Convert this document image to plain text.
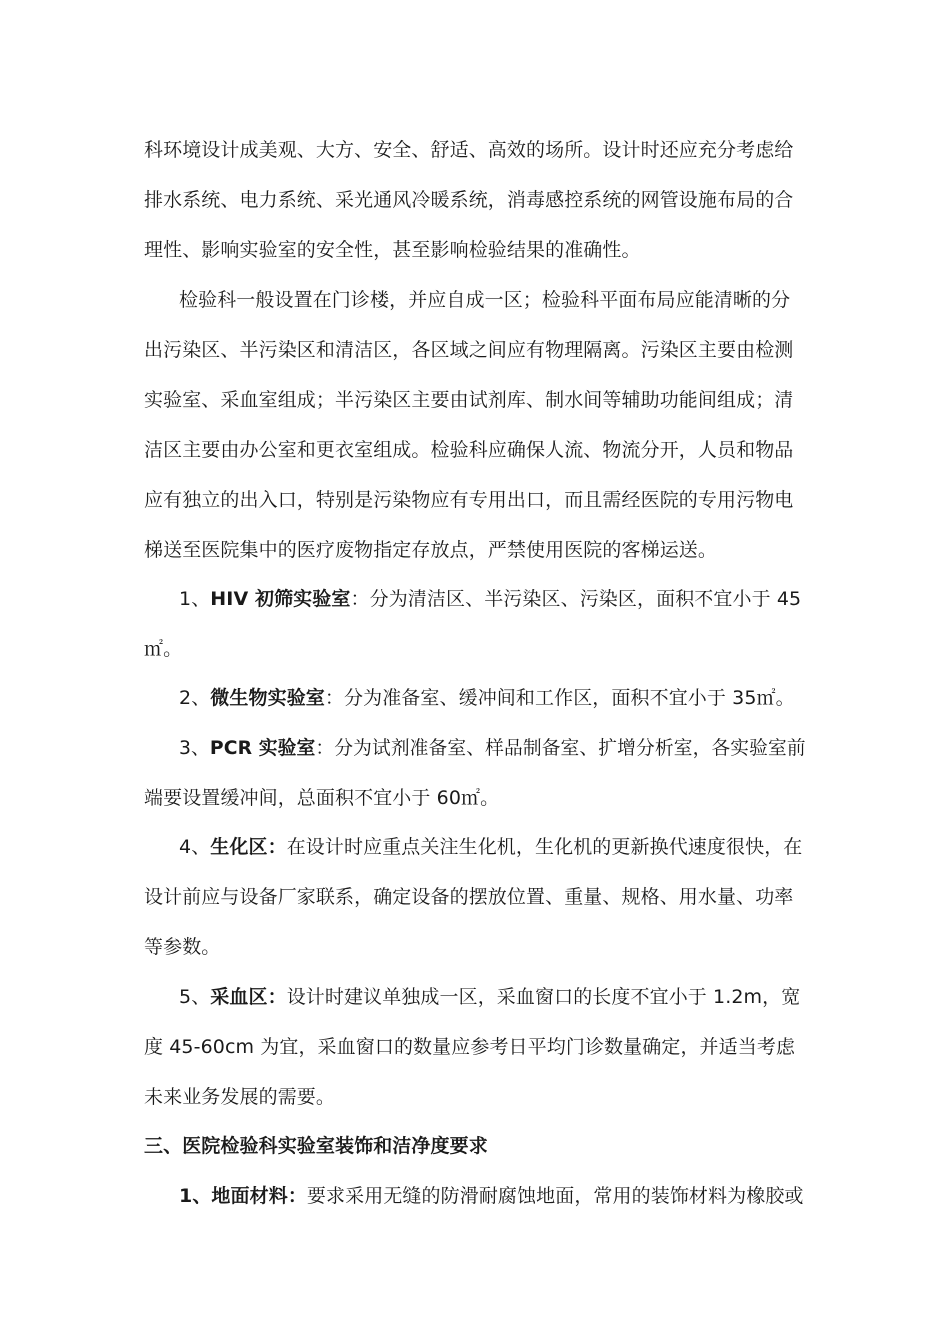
科环境设计成美观、大方、安全、舒适、高效的场所。设计时还应充分考虑给
排水系统、电力系统、采光通风冷暖系统，消毒感控系统的网管设施布局的合
理性、影响实验室的安全性，甚至影响检验结果的准确性。
检验科一般设置在门诊楼，并应自成一区；检验科平面布局应能清晰的分
出污染区、半污染区和清洁区，各区域之间应有物理隔离。污染区主要由检测
实验室、采血室组成；半污染区主要由试剂库、制水间等辅助功能间组成；清
洁区主要由办公室和更衣室组成。检验科应确保人流、物流分开，人员和物品
应有独立的出入口，特别是污染物应有专用出口，而且需经医院的专用污物电
梯送至医院集中的医疗废物指定存放点，严禁使用医院的客梯运送。
1、HIV 初筛实验室：分为清洁区、半污染区、污染区，面积不宜小于 45
㎡。
2、微生物实验室：分为准备室、缓冲间和工作区，面积不宜小于 35㎡。
3、PCR 实验室：分为试剂准备室、样品制备室、扩增分析室，各实验室前
端要设置缓冲间，总面积不宜小于 60㎡。
4、生化区：在设计时应重点关注生化机，生化机的更新换代速度很快，在
设计前应与设备厂家联系，确定设备的摆放位置、重量、规格、用水量、功率
等参数。
5、采血区：设计时建议单独成一区，采血窗口的长度不宜小于 1.2m，宽
度 45-60cm 为宜，采血窗口的数量应参考日平均门诊数量确定，并适当考虑
未来业务发展的需要。
三、医院检验科实验室装饰和洁净度要求
1、地面材料：要求采用无缝的防滑耐腐蚀地面，常用的装饰材料为橡胶或
